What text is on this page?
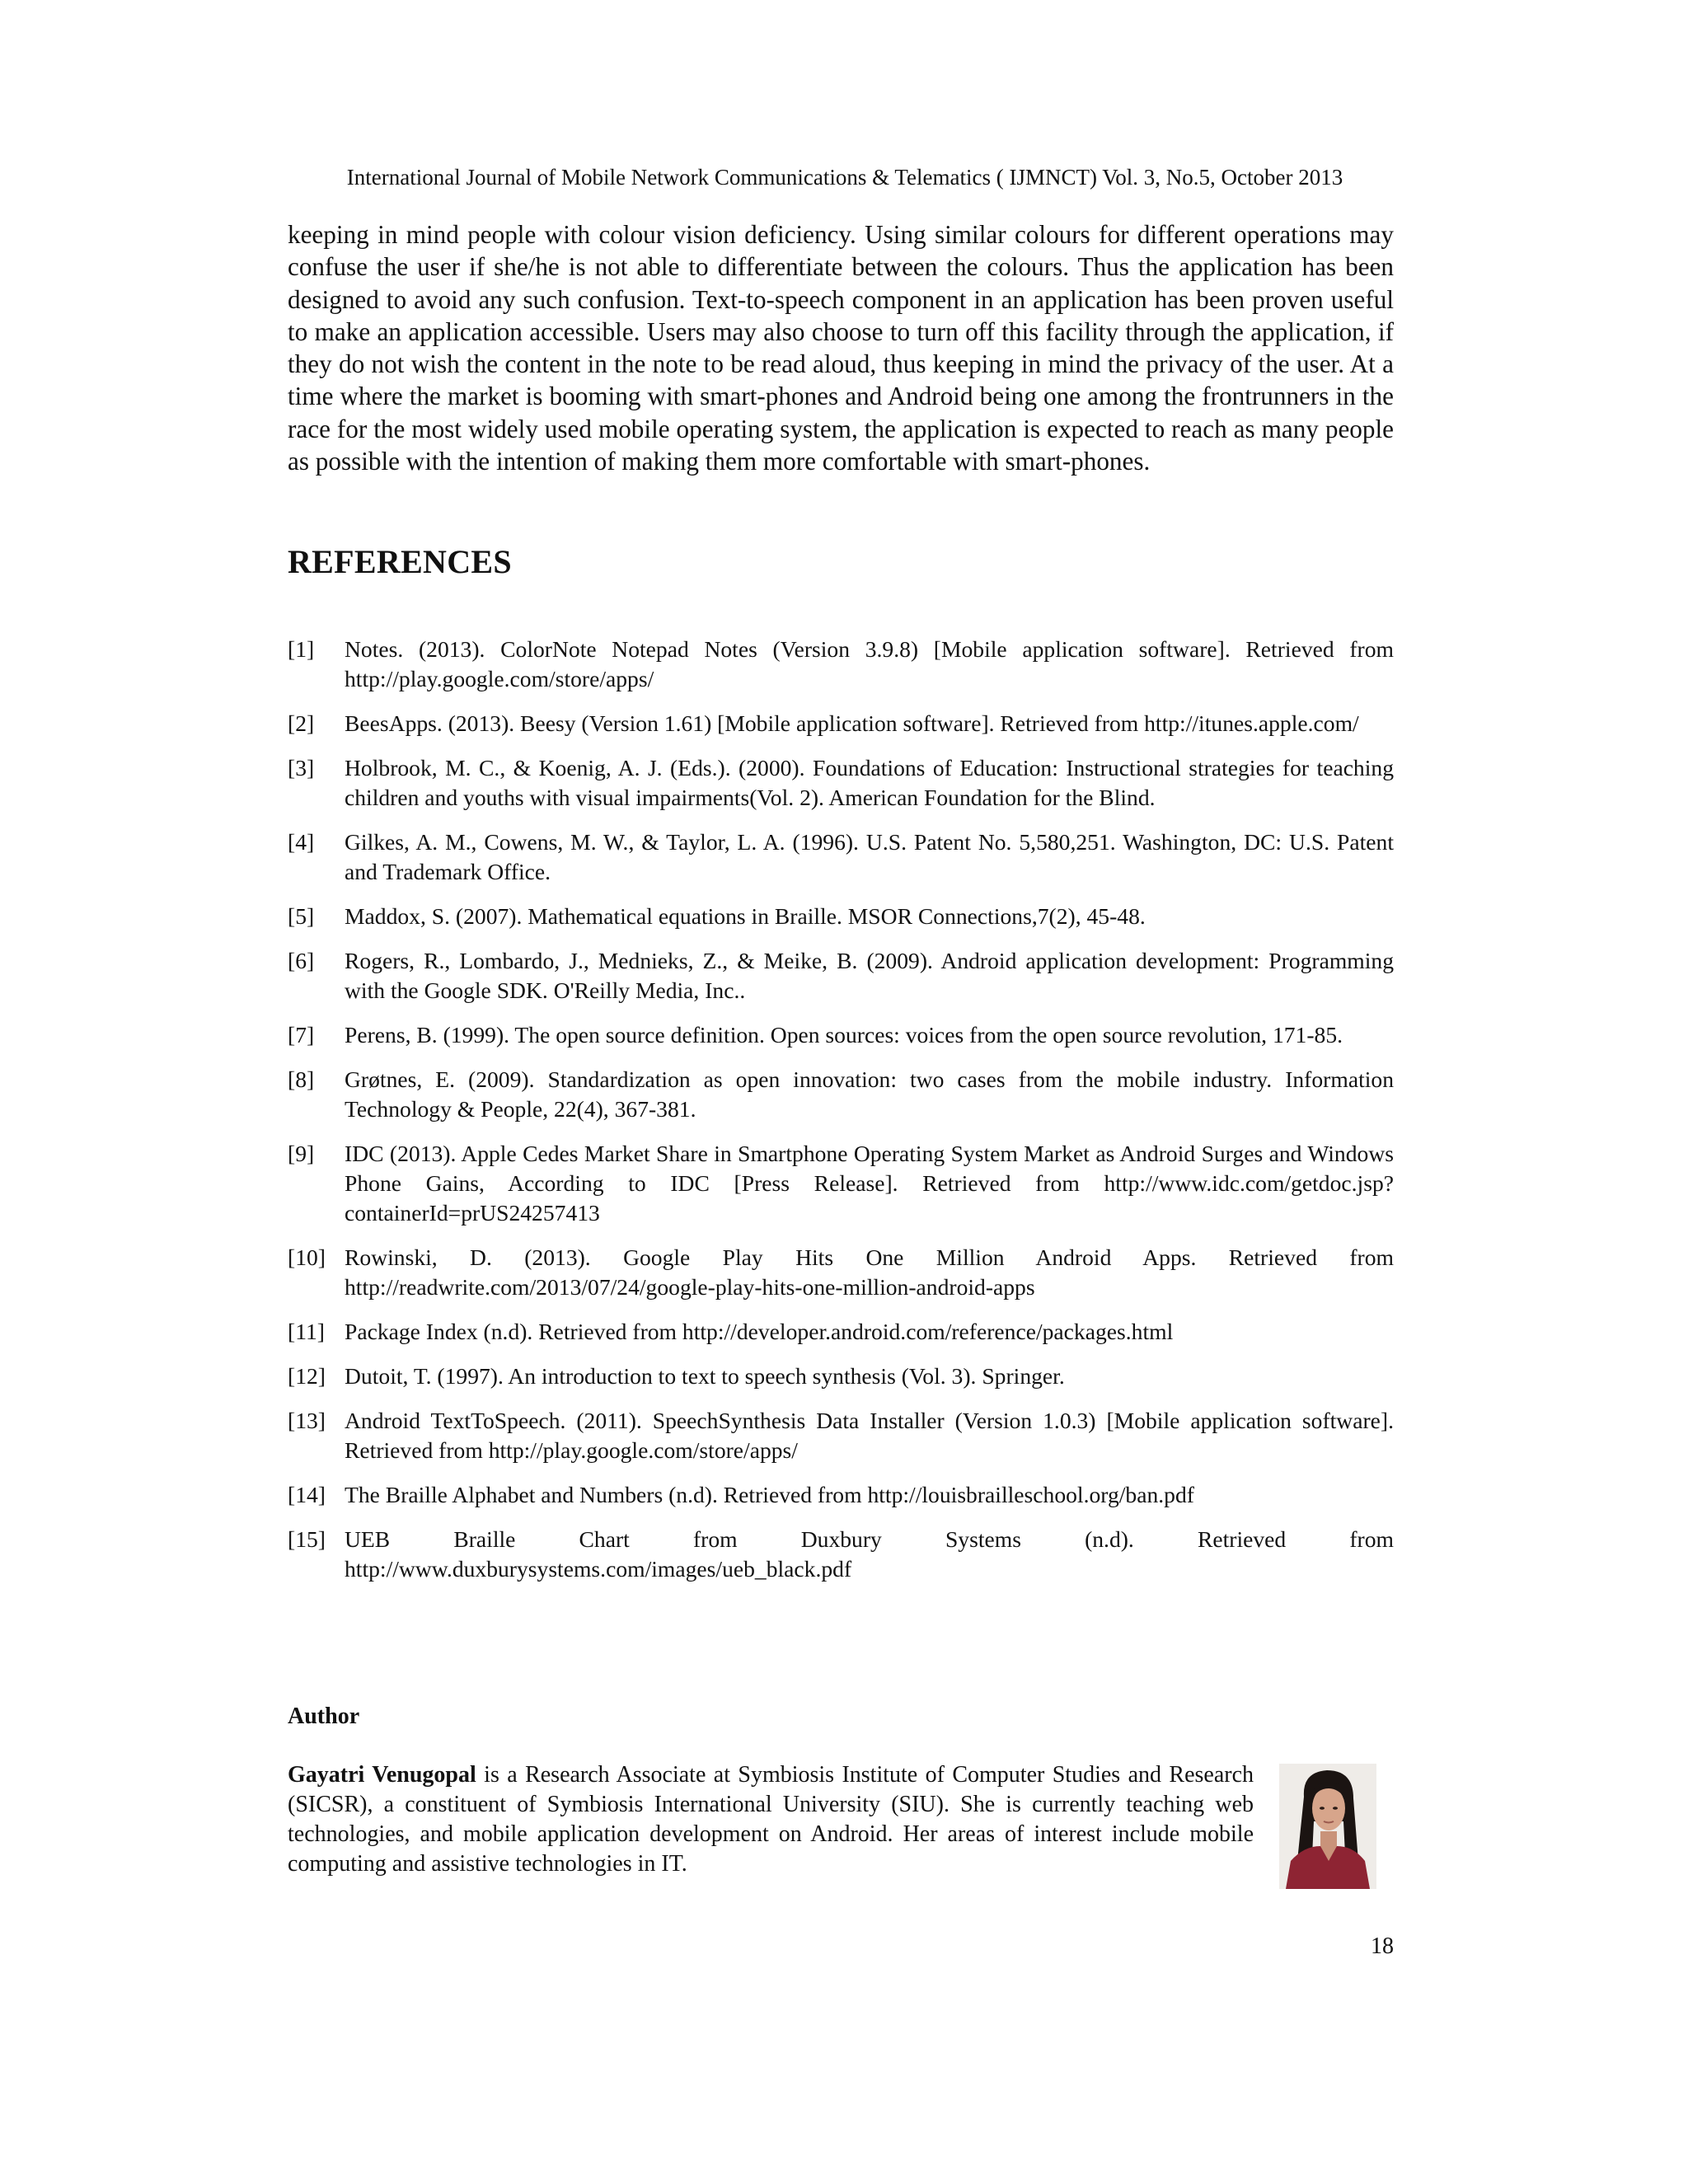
International Journal of Mobile Network Communications & Telematics ( IJMNCT) Vol. 3, No.5, October 2013

keeping in mind people with colour vision deficiency. Using similar colours for different operations may confuse the user if she/he is not able to differentiate between the colours. Thus the application has been designed to avoid any such confusion. Text-to-speech component in an application has been proven useful to make an application accessible. Users may also choose to turn off this facility through the application, if they do not wish the content in the note to be read aloud, thus keeping in mind the privacy of the user. At a time where the market is booming with smart-phones and Android being one among the frontrunners in the race for the most widely used mobile operating system, the application is expected to reach as many people as possible with the intention of making them more comfortable with smart-phones.

REFERENCES
[1]	Notes. (2013). ColorNote Notepad Notes (Version 3.9.8) [Mobile application software]. Retrieved from http://play.google.com/store/apps/
[2]	BeesApps. (2013). Beesy (Version 1.61) [Mobile application software]. Retrieved from http://itunes.apple.com/
[3]	Holbrook, M. C., & Koenig, A. J. (Eds.). (2000). Foundations of Education: Instructional strategies for teaching children and youths with visual impairments(Vol. 2). American Foundation for the Blind.
[4]	Gilkes, A. M., Cowens, M. W., & Taylor, L. A. (1996). U.S. Patent No. 5,580,251. Washington, DC: U.S. Patent and Trademark Office.
[5]	Maddox, S. (2007). Mathematical equations in Braille. MSOR Connections,7(2), 45-48.
[6]	Rogers, R., Lombardo, J., Mednieks, Z., & Meike, B. (2009). Android application development: Programming with the Google SDK. O'Reilly Media, Inc..
[7]	Perens, B. (1999). The open source definition. Open sources: voices from the open source revolution, 171-85.
[8]	Grøtnes, E. (2009). Standardization as open innovation: two cases from the mobile industry. Information Technology & People, 22(4), 367-381.
[9]	IDC (2013). Apple Cedes Market Share in Smartphone Operating System Market as Android Surges and Windows Phone Gains, According to IDC [Press Release]. Retrieved from http://www.idc.com/getdoc.jsp?containerId=prUS24257413
[10] Rowinski, D. (2013). Google Play Hits One Million Android Apps. Retrieved from http://readwrite.com/2013/07/24/google-play-hits-one-million-android-apps
[11] Package Index (n.d). Retrieved from http://developer.android.com/reference/packages.html
[12] Dutoit, T. (1997). An introduction to text to speech synthesis (Vol. 3). Springer.
[13] Android TextToSpeech. (2011). SpeechSynthesis Data Installer (Version 1.0.3) [Mobile application software]. Retrieved from http://play.google.com/store/apps/
[14] The Braille Alphabet and Numbers (n.d). Retrieved from http://louisbrailleschool.org/ban.pdf
[15] UEB Braille Chart from Duxbury Systems (n.d). Retrieved from http://www.duxburysystems.com/images/ueb_black.pdf
Author

Gayatri Venugopal is a Research Associate at Symbiosis Institute of Computer Studies and Research (SICSR), a constituent of Symbiosis International University (SIU). She is currently teaching web technologies, and mobile application development on Android. Her areas of interest include mobile computing and assistive technologies in IT.

18
